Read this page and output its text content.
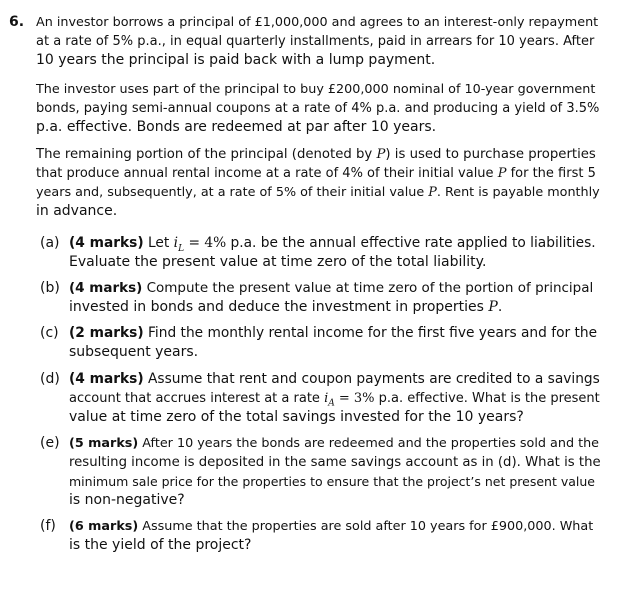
6. An investor borrows a principal of £1,000,000 and agrees to an interest-only repayment
at a rate of 5% p.a., in equal quarterly installments, paid in arrears for 10 years. After
10 years the principal is paid back with a lump payment.
The investor uses part of the principal to buy £200,000 nominal of 10-year government
bonds, paying semi-annual coupons at a rate of 4% p.a. and producing a yield of 3.5%
p.a. effective. Bonds are redeemed at par after 10 years.
The remaining portion of the principal (denoted by P) is used to purchase properties
that produce annual rental income at a rate of 4% of their initial value P for the first 5
years and, subsequently, at a rate of 5% of their initial value P. Rent is payable monthly
in advance.
(a) (4 marks) Let $i_L = 4\%$ p.a. be the annual effective rate applied to liabilities.
Evaluate the present value at time zero of the total liability.
(b) (4 marks) Compute the present value at time zero of the portion of principal
invested in bonds and deduce the investment in properties P.
(c) (2 marks) Find the monthly rental income for the first five years and for the
subsequent years.
(d) (4 marks) Assume that rent and coupon payments are credited to a savings
account that accrues interest at a rate $i_A = 3\%$ p.a. effective. What is the present
value at time zero of the total savings invested for the 10 years?
(e) (5 marks) After 10 years the bonds are redeemed and the properties sold and the
resulting income is deposited in the same savings account as in (d). What is the
minimum sale price for the properties to ensure that the project’s net present value
is non-negative?
(f) (6 marks) Assume that the properties are sold after 10 years for £900,000. What
is the yield of the project?
